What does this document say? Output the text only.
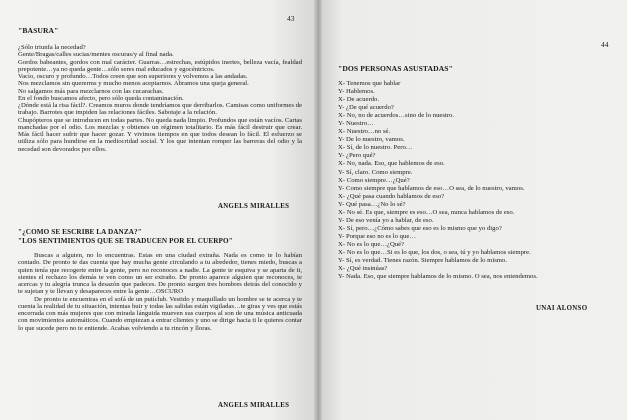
43
"BASURA"
¿Sólo triunfa la necedad?
Gente/Bragas/calles sucias/mentes oscuras/y al final nada.
Gordos babeantes, gordos con mal carácter. Guarras…estrechas, estúpidos inertes, belleza vacía, fealdad prepotente…ya no queda gente…sólo seres mal educados y egocéntricos.
Vacío, oscuro y profundo…Todos creen que son superiores y volvemos a las andadas.
Nos mezclamos sin quererms y mucho menos aceptarnos. Abramos una queja general.
No salgamos más para mezclarnos con las cucarachas.
En el fondo buscamos afecto, pero sólo queda contaminación.
¿Dónde está la risa fácil?. Creamos muros donde tendríamos que derribarlos. Camisas como uniformes de trabajo. Barrotes que impiden las relaciones fáciles. Sabotaje a la relación.
Chupópteros que se introducen en todas partes. No queda nada limpio. Profundos que están vacíos. Cartas manchadas por el odio. Los mezclas y obtienes un régimen totalitario. Es más fácil destruir que crear. Más fácil hacer sufrir que hacer gozar. Y vivimos tiempos en que todos desean lo fácil. El esfuerzo se utiliza sólo para hundirse en la mediocridad social. Y los que intentan romper las barreras del odio y la necedad son devorados por ellos.
ANGELS MIRALLES
"¿COMO SE ESCRIBE LA DANZA?"
"LOS SENTIMIENTOS QUE SE TRADUCEN POR EL CUERPO"
Buscas a alguien, no lo encuentras. Estas en una ciudad extraña. Nada es como te lo habían contado. De pronto te das cuenta que hay mucha gente circulando a tu alrededor, tienes miedo, buscas a quien tenía que recogerte entre la gente, pero no reconoces a nadie. La gente te esquiva y se aparta de ti, sientes el rechazo los demás te ven como un ser extraño. De pronto aparece alguien que reconoces, te acercas y tu alegría trunca la desazón que padeces. De pronto surgen tres hombres detrás del conocido y te sujetan y te llevan y desapareces entre la gente…OSCURO
De pronto te encuentras en el sofá de un putíclub. Vestido y maquillado un hombre se te acerca y te cuenta la realidad de tu situación, intentas huir y todas las salidas están vigiladas…te giras y ves que estás encerrada con más mujeres que con mirada lánguida mueven sus cuerpos al son de una música anticuada con movimientos automáticos. Cuando empiezan a entrar clientes y uno se dirige hacia ti le quieres contar lo que sucede pero no te entiende. Acabas volviendo a tu rincón y lloras.
ANGELS MIRALLES
44
"DOS PERSONAS ASUSTADAS"
X- Tenemos que hablar
Y- Hablemos.
X- De acuerdo.
Y- ¿De qué acuerdo?
X- No, no de acuerdos…sino de lo nuestro.
Y- Nuestro…
X- Nuestro…no sé.
Y- De lo nuestro, vamos.
X- Sí, de lo nuestro. Pero…
Y- ¿Pero qué?
X- No, nada. Eso, que hablemos de eso.
Y- Sí, claro. Como siempre.
X- Como siempre…¿Qué?
Y- Como siempre que hablamos de eso…O sea, de lo nuestro, vamos.
X- ¿Qué pasa cuando hablamos de eso?
Y- Qué pasa…¿No lo sé?
X- No sé. Es que, siempre es eso…O sea, nunca hablamos de eso.
Y- De eso venía yo a hablar, de eso.
X- Sí, pero…¿Cómo sabes que eso es lo mismo que yo digo?
Y- Porque eso no es lo que…
X- No es lo que…¿Qué?
X- No es lo que…Si es lo que, los dos, o sea, tú y yo hablamos siempre.
Y- Sí, es verdad. Tienes razón. Siempre hablamos de lo mismo.
X- ¿Qué insinúas?
Y- Nada. Eso, que siempre hablamos de lo mismo. O sea, nos entendemos.
UNAI ALONSO
